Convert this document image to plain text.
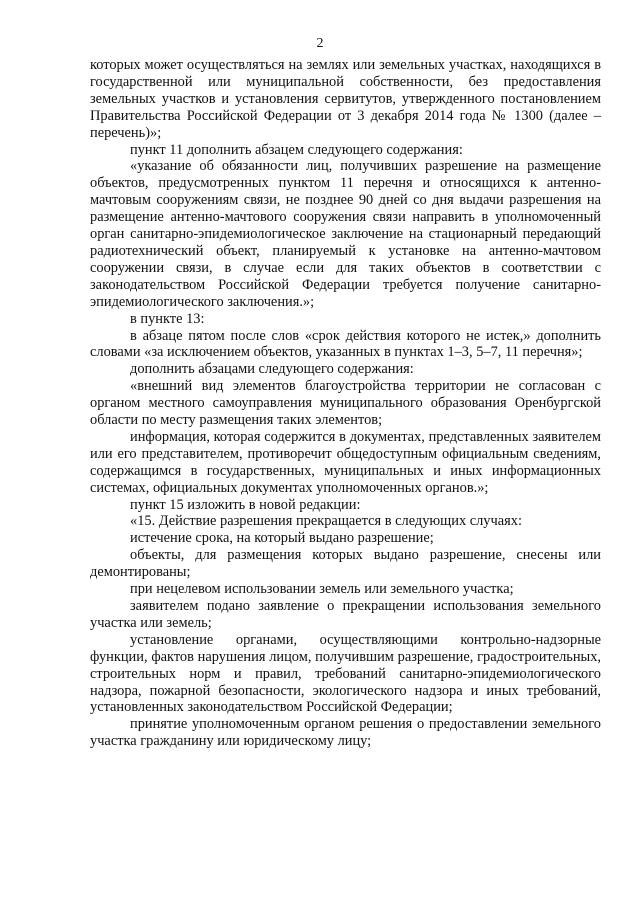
2

которых может осуществляться на землях или земельных участках, находящихся в государственной или муниципальной собственности, без предоставления земельных участков и установления сервитутов, утвержденного постановлением Правительства Российской Федерации от 3 декабря 2014 года № 1300 (далее – перечень)»;

пункт 11 дополнить абзацем следующего содержания:

«указание об обязанности лиц, получивших разрешение на размещение объектов, предусмотренных пунктом 11 перечня и относящихся к антенно-мачтовым сооружениям связи, не позднее 90 дней со дня выдачи разрешения на размещение антенно-мачтового сооружения связи направить в уполномоченный орган санитарно-эпидемиологическое заключение на стационарный передающий радиотехнический объект, планируемый к установке на антенно-мачтовом сооружении связи, в случае если для таких объектов в соответствии с законодательством Российской Федерации требуется получение санитарно-эпидемиологического заключения.»;

в пункте 13:

в абзаце пятом после слов «срок действия которого не истек,» дополнить словами «за исключением объектов, указанных в пунктах 1–3, 5–7, 11 перечня»;

дополнить абзацами следующего содержания:

«внешний вид элементов благоустройства территории не согласован с органом местного самоуправления муниципального образования Оренбургской области по месту размещения таких элементов;

информация, которая содержится в документах, представленных заявителем или его представителем, противоречит общедоступным официальным сведениям, содержащимся в государственных, муниципальных и иных информационных системах, официальных документах уполномоченных органов.»;

пункт 15 изложить в новой редакции:

«15. Действие разрешения прекращается в следующих случаях:

истечение срока, на который выдано разрешение;

объекты, для размещения которых выдано разрешение, снесены или демонтированы;

при нецелевом использовании земель или земельного участка;

заявителем подано заявление о прекращении использования земельного участка или земель;

установление органами, осуществляющими контрольно-надзорные функции, фактов нарушения лицом, получившим разрешение, градостроительных, строительных норм и правил, требований санитарно-эпидемиологического надзора, пожарной безопасности, экологического надзора и иных требований, установленных законодательством Российской Федерации;

принятие уполномоченным органом решения о предоставлении земельного участка гражданину или юридическому лицу;
